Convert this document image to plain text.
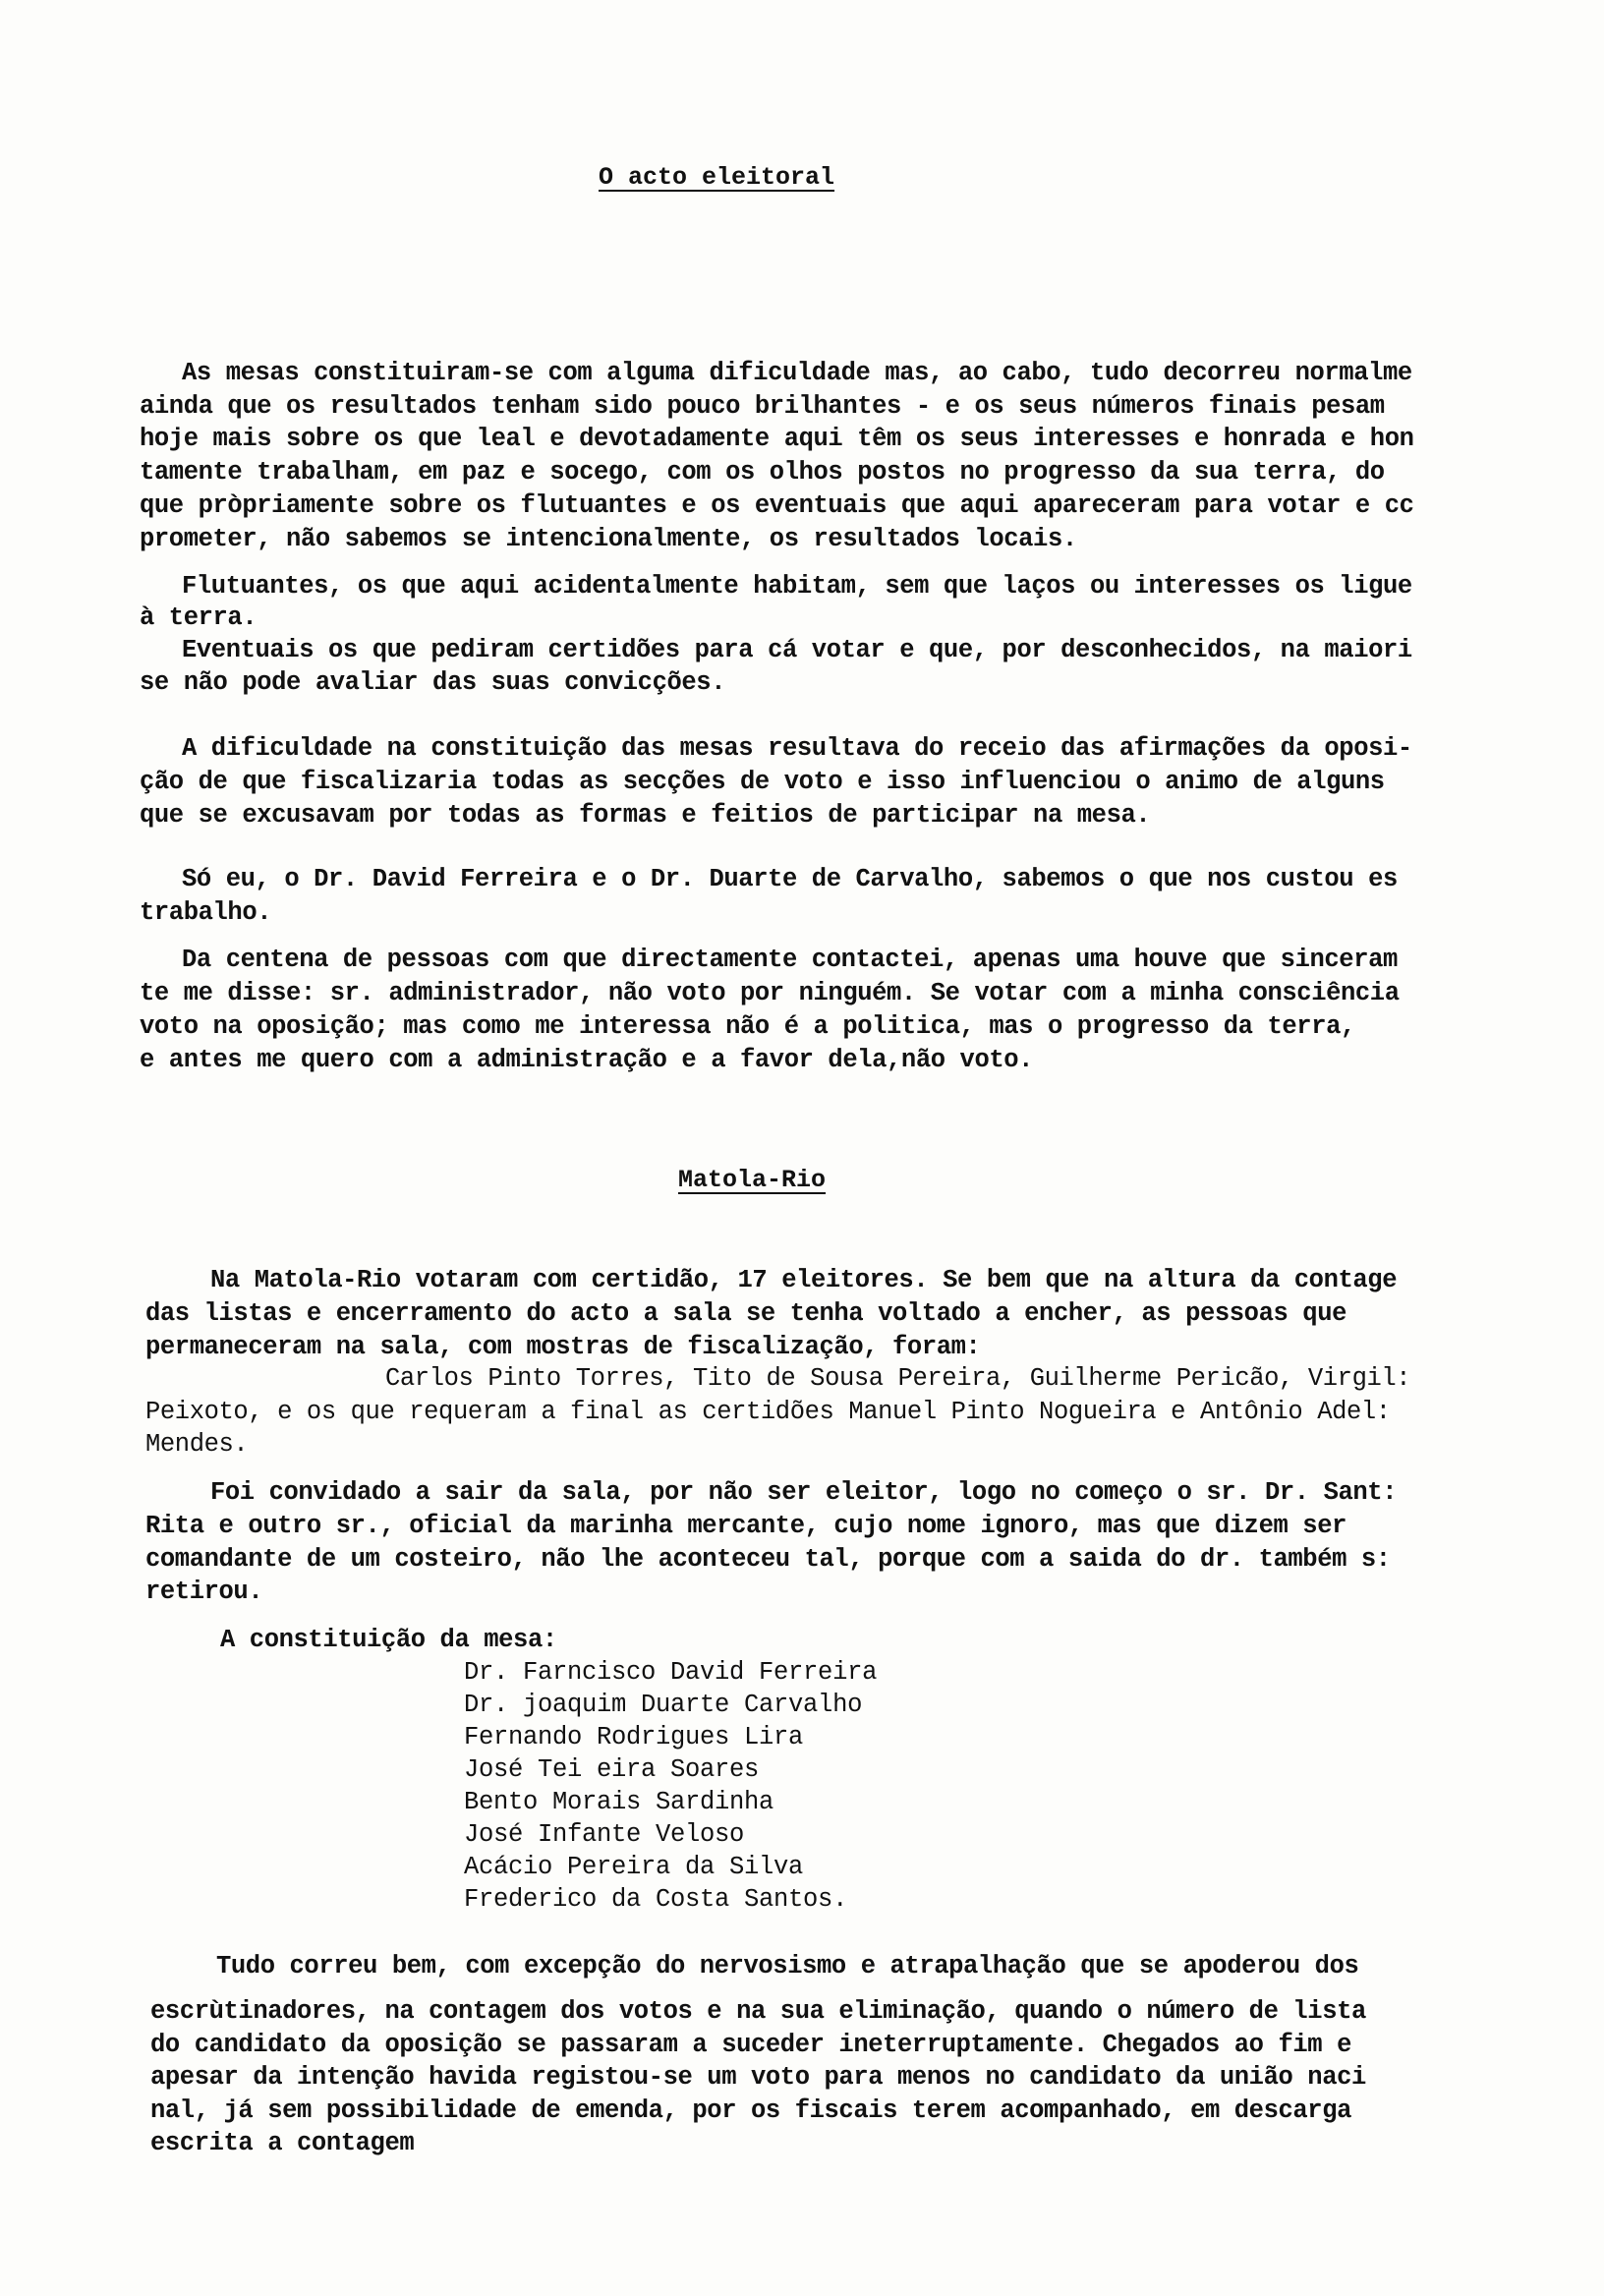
O acto eleitoral
As mesas constituiram-se com alguma dificuldade mas, ao cabo, tudo decorreu normalme
ainda que os resultados tenham sido pouco brilhantes - e os seus números finais pesam
hoje mais sobre os que leal e devotadamente aqui têm os seus interesses e honrada e hon
tamente trabalham, em paz e socego, com os olhos postos no progresso da sua terra, do
que pròpriamente sobre os flutuantes e os eventuais que aqui apareceram para votar e cc
prometer, não sabemos se intencionalmente, os resultados locais.
Flutuantes, os que aqui acidentalmente habitam, sem que laços ou interesses os ligue
à terra.
Eventuais os que pediram certidões para cá votar e que, por desconhecidos, na maiori
se não pode avaliar das suas convicções.
A dificuldade na constituição das mesas resultava do receio das afirmações da oposi-
ção de que fiscalizaria todas as secções de voto e isso influenciou o animo de alguns
que se excusavam por todas as formas e feitios de participar na mesa.
Só eu, o Dr. David Ferreira e o Dr. Duarte de Carvalho, sabemos o que nos custou es
trabalho.
Da centena de pessoas com que directamente contactei, apenas uma houve que sinceram
te me disse: sr. administrador, não voto por ninguém. Se votar com a minha consciência
voto na oposição; mas como me interessa não é a politica, mas o progresso da terra,
e antes me quero com a administração e a favor dela,não voto.
Matola-Rio
Na Matola-Rio votaram com certidão, 17 eleitores. Se bem que na altura da contage
das listas e encerramento do acto a sala se tenha voltado a encher, as pessoas que
permaneceram na sala, com mostras de fiscalização, foram:
Carlos Pinto Torres, Tito de Sousa Pereira, Guilherme Pericão, Virgil:
Peixoto, e os que requeram a final as certidões Manuel Pinto Nogueira e Antônio Adel:
Mendes.
Foi convidado a sair da sala, por não ser eleitor, logo no começo o sr. Dr. Sant:
Rita e outro sr., oficial da marinha mercante, cujo nome ignoro, mas que dizem ser
comandante de um costeiro, não lhe aconteceu tal, porque com a saida do dr. também s:
retirou.
A constituição da mesa:
Dr. Farncisco David Ferreira
Dr. joaquim Duarte Carvalho
Fernando Rodrigues Lira
José Tei eira Soares
Bento Morais Sardinha
José Infante Veloso
Acácio Pereira da Silva
Frederico da Costa Santos.
Tudo correu bem, com excepção do nervosismo e atrapalhação que se apoderou dos
escrùtinadores, na contagem dos votos e na sua eliminação, quando o número de lista
do candidato da oposição se passaram a suceder ineterruptamente. Chegados ao fim e
apesar da intenção havida registou-se um voto para menos no candidato da união naci
nal, já sem possibilidade de emenda, por os fiscais terem acompanhado, em descarga
escrita a contagem
